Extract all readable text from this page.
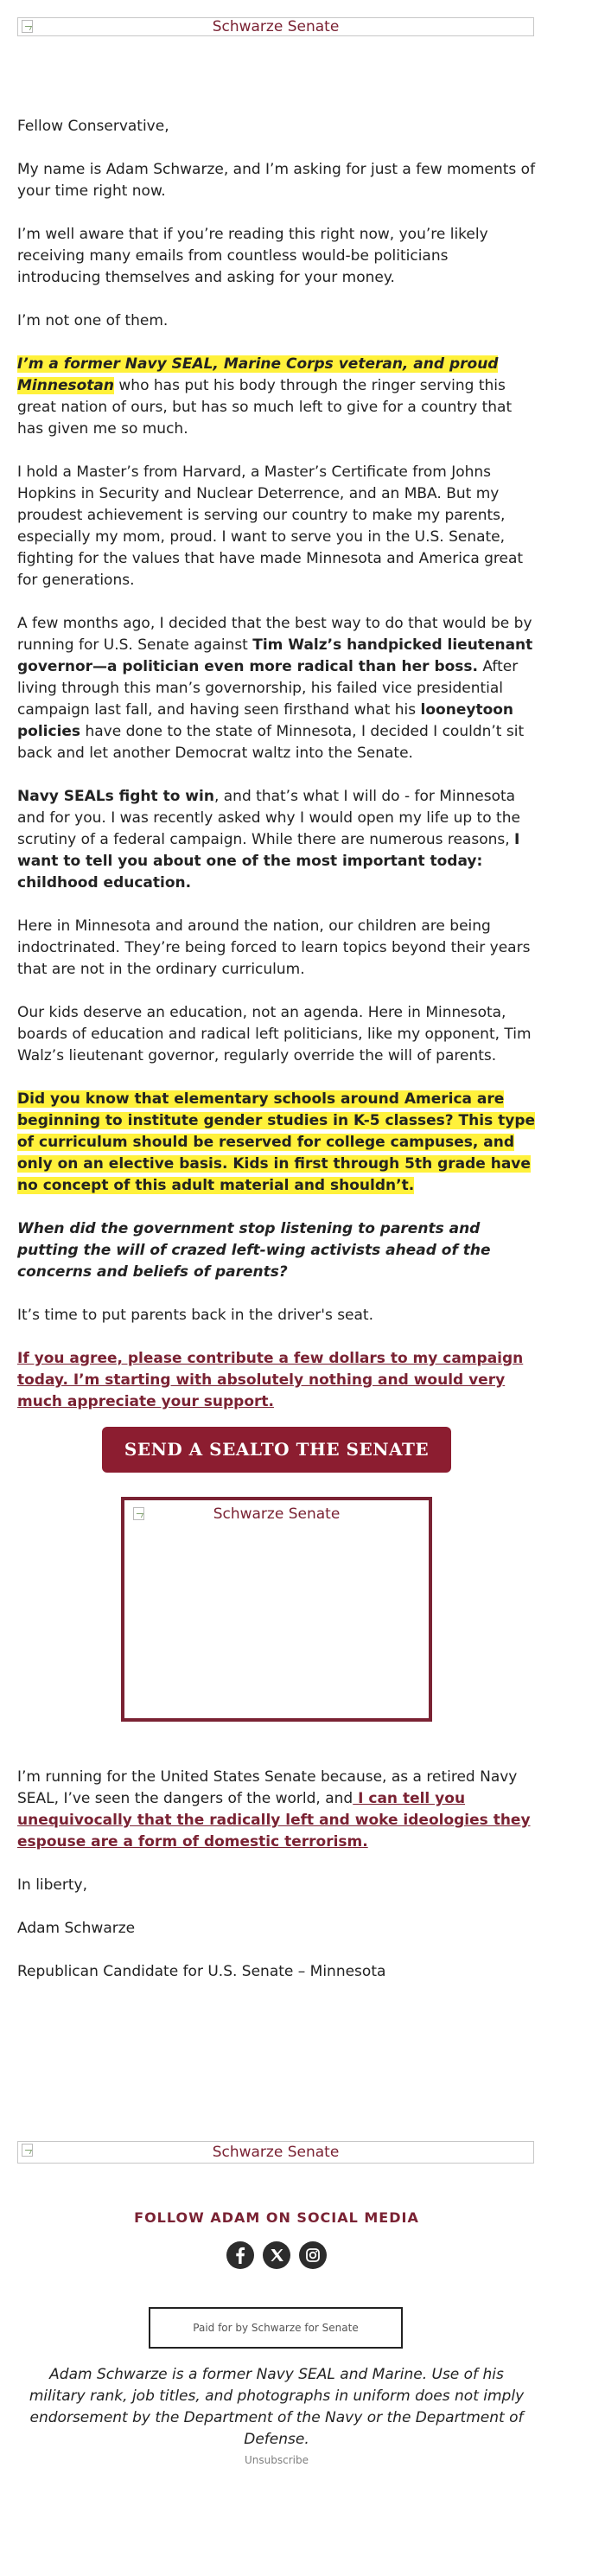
Schwarze Senate

Fellow Conservative,

My name is Adam Schwarze, and I’m asking for just a few moments of your time right now.

I’m well aware that if you’re reading this right now, you’re likely receiving many emails from countless would-be politicians introducing themselves and asking for your money.

I’m not one of them.

I’m a former Navy SEAL, Marine Corps veteran, and proud Minnesotan who has put his body through the ringer serving this great nation of ours, but has so much left to give for a country that has given me so much.

I hold a Master’s from Harvard, a Master’s Certificate from Johns Hopkins in Security and Nuclear Deterrence, and an MBA. But my proudest achievement is serving our country to make my parents, especially my mom, proud. I want to serve you in the U.S. Senate, fighting for the values that have made Minnesota and America great for generations.

A few months ago, I decided that the best way to do that would be by running for U.S. Senate against Tim Walz’s handpicked lieutenant governor—a politician even more radical than her boss. After living through this man’s governorship, his failed vice presidential campaign last fall, and having seen firsthand what his looneytoon policies have done to the state of Minnesota, I decided I couldn’t sit back and let another Democrat waltz into the Senate.

Navy SEALs fight to win, and that’s what I will do - for Minnesota and for you. I was recently asked why I would open my life up to the scrutiny of a federal campaign. While there are numerous reasons, I want to tell you about one of the most important today: childhood education.

Here in Minnesota and around the nation, our children are being indoctrinated. They’re being forced to learn topics beyond their years that are not in the ordinary curriculum.

Our kids deserve an education, not an agenda. Here in Minnesota, boards of education and radical left politicians, like my opponent, Tim Walz’s lieutenant governor, regularly override the will of parents.

Did you know that elementary schools around America are beginning to institute gender studies in K-5 classes? This type of curriculum should be reserved for college campuses, and only on an elective basis. Kids in first through 5th grade have no concept of this adult material and shouldn’t.

When did the government stop listening to parents and putting the will of crazed left-wing activists ahead of the concerns and beliefs of parents?

It’s time to put parents back in the driver's seat.

If you agree, please contribute a few dollars to my campaign today. I’m starting with absolutely nothing and would very much appreciate your support.

SEND A SEALTO THE SENATE
Schwarze Senate

I’m running for the United States Senate because, as a retired Navy SEAL, I’ve seen the dangers of the world, and I can tell you unequivocally that the radically left and woke ideologies they espouse are a form of domestic terrorism.

In liberty,

Adam Schwarze

Republican Candidate for U.S. Senate – Minnesota

Schwarze Senate
FOLLOW ADAM ON SOCIAL MEDIA
Paid for by Schwarze for Senate
Adam Schwarze is a former Navy SEAL and Marine. Use of his military rank, job titles, and photographs in uniform does not imply endorsement by the Department of the Navy or the Department of Defense.
Unsubscribe
